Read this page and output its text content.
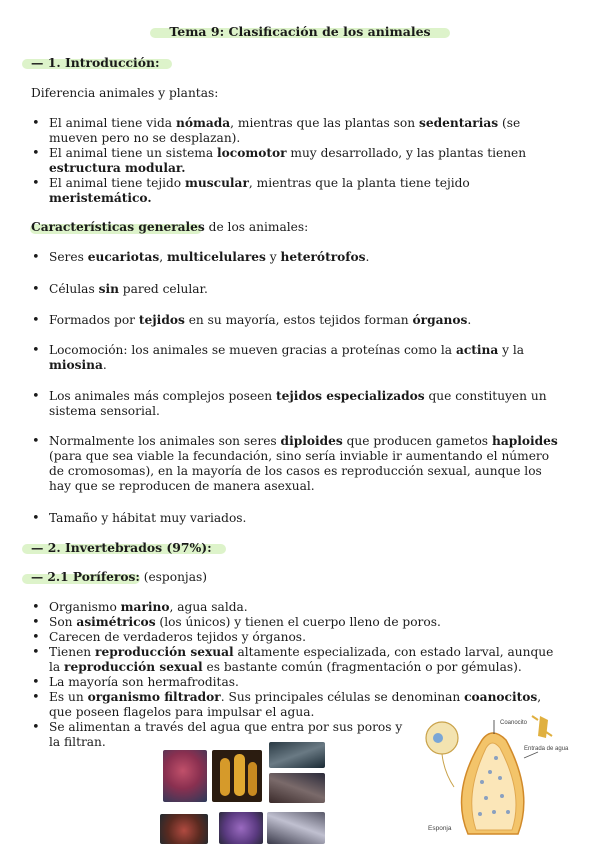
Tema 9: Clasificación de los animales
— 1. Introducción:
Diferencia animales y plantas:
• El animal tiene vida nómada, mientras que las plantas son sedentarias (se mueven pero no se desplazan).
• El animal tiene un sistema locomotor muy desarrollado, y las plantas tienen estructura modular.
• El animal tiene tejido muscular, mientras que la planta tiene tejido meristemático.
Características generales de los animales:
• Seres eucariotas, multicelulares y heterótrofos.
• Células sin pared celular.
• Formados por tejidos en su mayoría, estos tejidos forman órganos.
• Locomoción: los animales se mueven gracias a proteínas como la actina y la miosina.
• Los animales más complejos poseen tejidos especializados que constituyen un sistema sensorial.
• Normalmente los animales son seres diploides que producen gametos haploides (para que sea viable la fecundación, sino sería inviable ir aumentando el número de cromosomas), en la mayoría de los casos es reproducción sexual, aunque los hay que se reproducen de manera asexual.
• Tamaño y hábitat muy variados.
— 2. Invertebrados (97%):
— 2.1 Poríferos: (esponjas)
• Organismo marino, agua salda.
• Son asimétricos (los únicos) y tienen el cuerpo lleno de poros.
• Carecen de verdaderos tejidos y órganos.
• Tienen reproducción sexual altamente especializada, con estado larval, aunque la reproducción sexual es bastante común (fragmentación o por gémulas).
• La mayoría son hermafroditas.
• Es un organismo filtrador. Sus principales células se denominan coanocitos, que poseen flagelos para impulsar el agua.
• Se alimentan a través del agua que entra por sus poros y la filtran.
Coanocito
Entrada de agua
Esponja
